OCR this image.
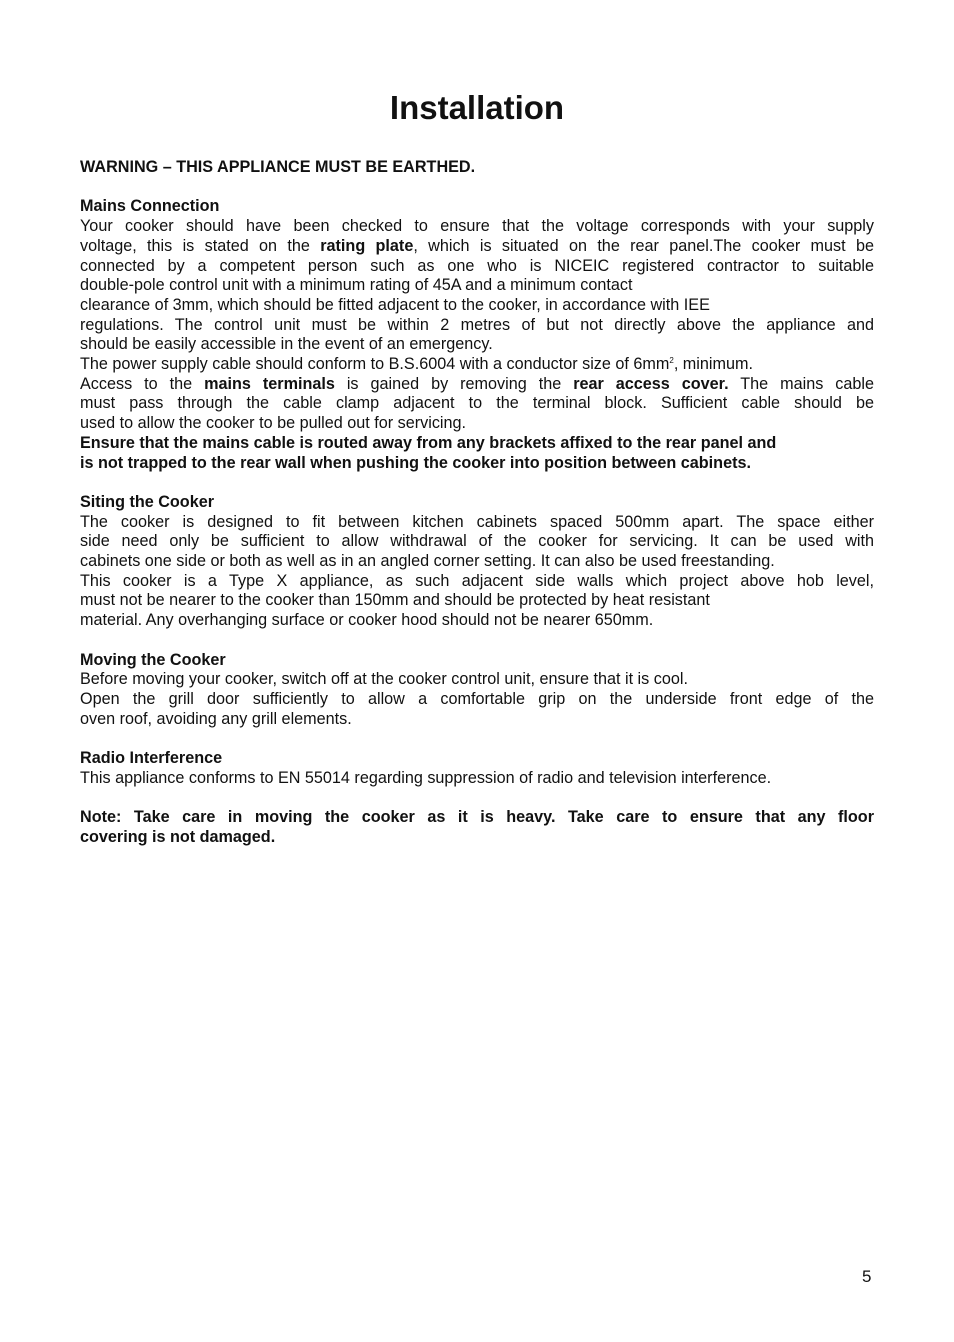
Installation
WARNING – THIS APPLIANCE MUST BE EARTHED.
Mains Connection
Your cooker should have been checked to ensure that the voltage corresponds with your supply
voltage, this is stated on the rating plate, which is situated on the rear panel.The cooker must be
connected by a competent person such as one who is NICEIC registered contractor to suitable
double-pole control unit with a minimum rating of 45A and a minimum contact
clearance of 3mm, which should be fitted adjacent to the cooker, in accordance with IEE
regulations. The control unit must be within 2 metres of but not directly above the appliance and
should be easily accessible in the event of an emergency.
The power supply cable should conform to B.S.6004 with a conductor size of $6mm^2$, minimum.
Access to the mains terminals is gained by removing the rear access cover. The mains cable
must pass through the cable clamp adjacent to the terminal block. Sufficient cable should be
used to allow the cooker to be pulled out for servicing.
Ensure that the mains cable is routed away from any brackets affixed to the rear panel and
is not trapped to the rear wall when pushing the cooker into position between cabinets.
Siting the Cooker
The cooker is designed to fit between kitchen cabinets spaced 500mm apart. The space either
side need only be sufficient to allow withdrawal of the cooker for servicing. It can be used with
cabinets one side or both as well as in an angled corner setting. It can also be used freestanding.
This cooker is a Type X appliance, as such adjacent side walls which project above hob level,
must not be nearer to the cooker than 150mm and should be protected by heat resistant
material. Any overhanging surface or cooker hood should not be nearer 650mm.
Moving the Cooker
Before moving your cooker, switch off at the cooker control unit, ensure that it is cool.
Open the grill door sufficiently to allow a comfortable grip on the underside front edge of the
oven roof, avoiding any grill elements.
Radio Interference
This appliance conforms to EN 55014 regarding suppression of radio and television interference.
Note: Take care in moving the cooker as it is heavy. Take care to ensure that any floor
covering is not damaged.
5
